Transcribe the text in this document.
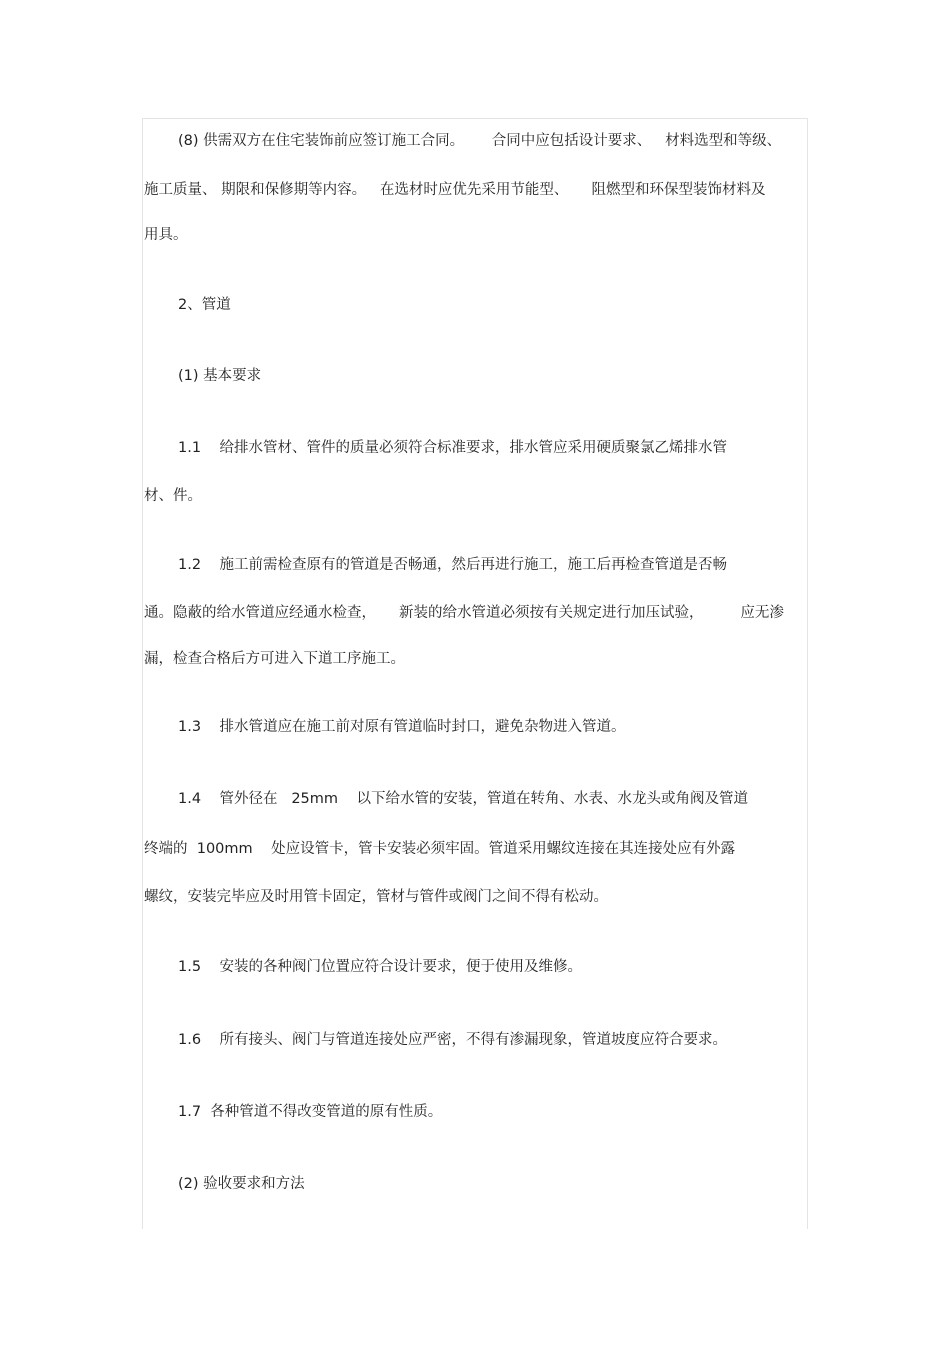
(8) 供需双方在住宅装饰前应签订施工合同。      合同中应包括设计要求、   材料选型和等级、
施工质量、 期限和保修期等内容。   在选材时应优先采用节能型、     阻燃型和环保型装饰材料及
用具。
2、管道
(1) 基本要求
1.1    给排水管材、管件的质量必须符合标准要求，排水管应采用硬质聚氯乙烯排水管
材、件。
1.2    施工前需检查原有的管道是否畅通，然后再进行施工，施工后再检查管道是否畅
通。隐蔽的给水管道应经通水检查，     新装的给水管道必须按有关规定进行加压试验，        应无渗
漏，检查合格后方可进入下道工序施工。
1.3    排水管道应在施工前对原有管道临时封口，避免杂物进入管道。
1.4    管外径在   25mm    以下给水管的安装，管道在转角、水表、水龙头或角阀及管道
终端的  100mm    处应设管卡，管卡安装必须牢固。管道采用螺纹连接在其连接处应有外露
螺纹，安装完毕应及时用管卡固定，管材与管件或阀门之间不得有松动。
1.5    安装的各种阀门位置应符合设计要求，便于使用及维修。
1.6    所有接头、阀门与管道连接处应严密，不得有渗漏现象，管道坡度应符合要求。
1.7  各种管道不得改变管道的原有性质。
(2) 验收要求和方法
